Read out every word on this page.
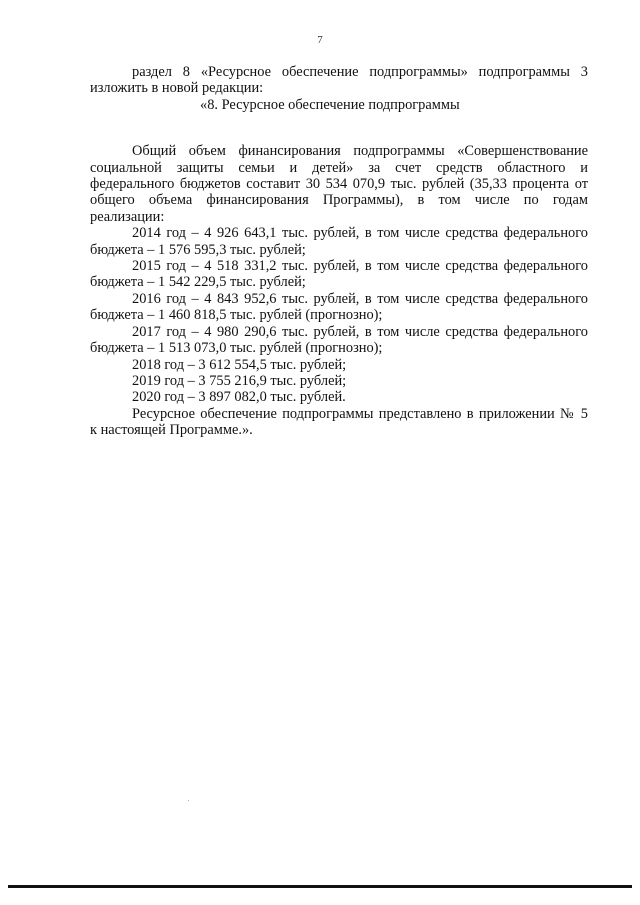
7
раздел 8 «Ресурсное обеспечение подпрограммы» подпрограммы 3
изложить в новой редакции:
«8. Ресурсное обеспечение подпрограммы
Общий объем финансирования подпрограммы «Совершенствование
социальной защиты семьи и детей» за счет средств областного и
федерального бюджетов составит 30 534 070,9 тыс. рублей (35,33 процента от
общего объема финансирования Программы), в том числе по годам
реализации:
2014 год – 4 926 643,1 тыс. рублей, в том числе средства федерального
бюджета – 1 576 595,3 тыс. рублей;
2015 год – 4 518 331,2 тыс. рублей, в том числе средства федерального
бюджета – 1 542 229,5 тыс. рублей;
2016 год – 4 843 952,6 тыс. рублей, в том числе средства федерального
бюджета – 1 460 818,5 тыс. рублей (прогнозно);
2017 год – 4 980 290,6 тыс. рублей, в том числе средства федерального
бюджета – 1 513 073,0 тыс. рублей (прогнозно);
2018 год – 3 612 554,5 тыс. рублей;
2019 год – 3 755 216,9 тыс. рублей;
2020 год – 3 897 082,0 тыс. рублей.
Ресурсное обеспечение подпрограммы представлено в приложении № 5
к настоящей Программе.».
